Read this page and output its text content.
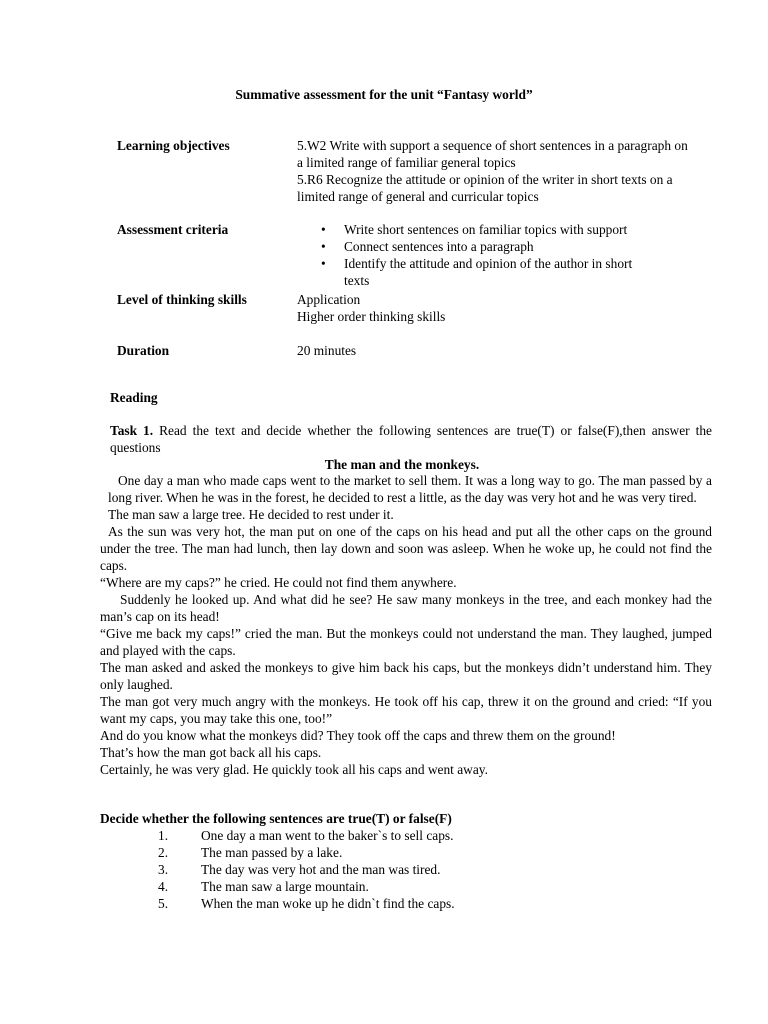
Summative assessment for the unit “Fantasy world”
Learning objectives	5.W2 Write with support a sequence of short sentences in a paragraph on a limited range of familiar general topics
5.R6 Recognize the attitude or opinion of the writer in short texts on a limited range of general and curricular topics
Assessment criteria
•	Write short sentences on familiar topics with support
• Connect sentences into a paragraph
• Identify the attitude and opinion of the author in short texts
Level of thinking skills	Application
Higher order thinking skills
Duration	20 minutes
Reading

Task 1. Read the text and decide whether the following sentences are true(T) or false(F),then answer the questions

The man and the monkeys.

One day a man who made caps went to the market to sell them. It was a long way to go. The man passed by a long river. When he was in the forest, he decided to rest a little, as the day was very hot and he was very tired.

The man saw a large tree. He decided to rest under it.

As the sun was very hot, the man put on one of the caps on his head and put all the other caps on the ground under the tree. The man had lunch, then lay down and soon was asleep. When he woke up, he could not find the caps.

“Where are my caps?” he cried. He could not find them anywhere.

Suddenly he looked up. And what did he see? He saw many monkeys in the tree, and each monkey had the man’s cap on its head!

“Give me back my caps!” cried the man. But the monkeys could not understand the man. They laughed, jumped and played with the caps.

The man asked and asked the monkeys to give him back his caps, but the monkeys didn’t understand him. They only laughed.

The man got very much angry with the monkeys. He took off his cap, threw it on the ground and cried: “If you want my caps, you may take this one, too!”

And do you know what the monkeys did? They took off the caps and threw them on the ground!

That’s how the man got back all his caps.

Certainly, he was very glad. He quickly took all his caps and went away.

Decide whether the following sentences are true(T) or false(F)
1.	One day a man went to the baker`s to sell caps.
2.	The man passed by a lake.
3.	The day was very hot and the man was tired.
4.	The man saw a large mountain.
5.	When the man woke up he didn`t find the caps.
